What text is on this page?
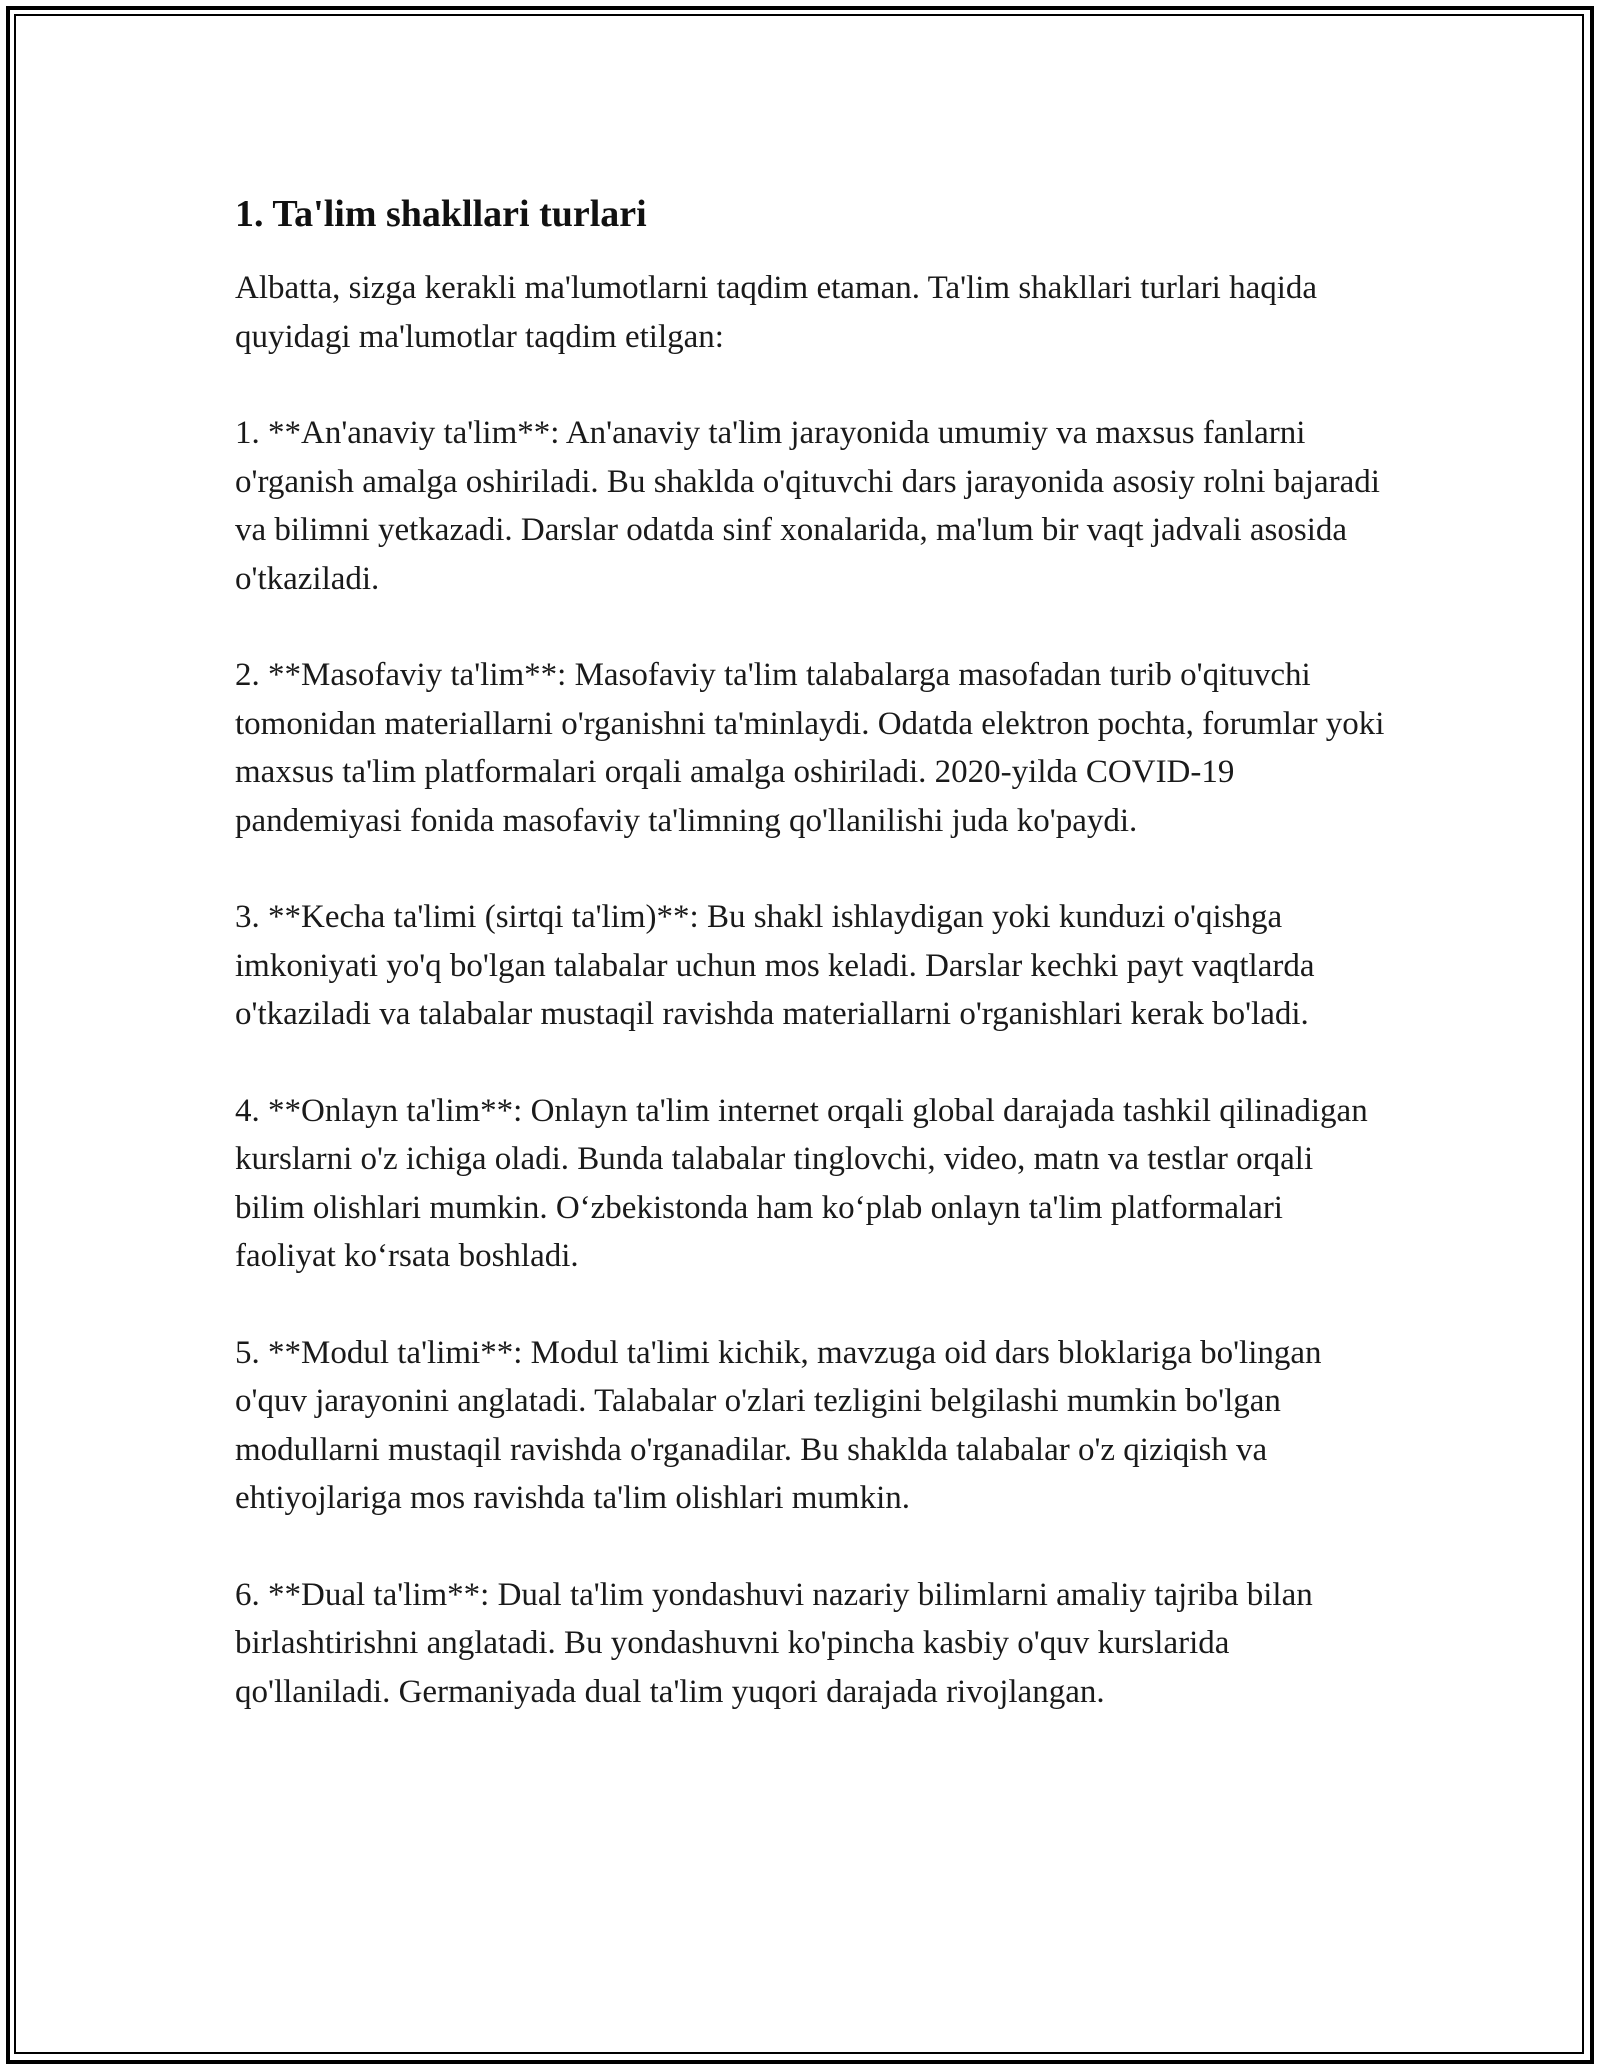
1. Ta'lim shakllari turlari

Albatta, sizga kerakli ma'lumotlarni taqdim etaman. Ta'lim shakllari turlari haqida quyidagi ma'lumotlar taqdim etilgan:

1. **An'anaviy ta'lim**: An'anaviy ta'lim jarayonida umumiy va maxsus fanlarni o'rganish amalga oshiriladi. Bu shaklda o'qituvchi dars jarayonida asosiy rolni bajaradi va bilimni yetkazadi. Darslar odatda sinf xonalarida, ma'lum bir vaqt jadvali asosida o'tkaziladi.

2. **Masofaviy ta'lim**: Masofaviy ta'lim talabalarga masofadan turib o'qituvchi tomonidan materiallarni o'rganishni ta'minlaydi. Odatda elektron pochta, forumlar yoki maxsus ta'lim platformalari orqali amalga oshiriladi. 2020-yilda COVID-19 pandemiyasi fonida masofaviy ta'limning qo'llanilishi juda ko'paydi.

3. **Kecha ta'limi (sirtqi ta'lim)**: Bu shakl ishlaydigan yoki kunduzi o'qishga imkoniyati yo'q bo'lgan talabalar uchun mos keladi. Darslar kechki payt vaqtlarda o'tkaziladi va talabalar mustaqil ravishda materiallarni o'rganishlari kerak bo'ladi.

4. **Onlayn ta'lim**: Onlayn ta'lim internet orqali global darajada tashkil qilinadigan kurslarni o'z ichiga oladi. Bunda talabalar tinglovchi, video, matn va testlar orqali bilim olishlari mumkin. O‘zbekistonda ham ko‘plab onlayn ta'lim platformalari faoliyat ko‘rsata boshladi.

5. **Modul ta'limi**: Modul ta'limi kichik, mavzuga oid dars bloklariga bo'lingan o'quv jarayonini anglatadi. Talabalar o'zlari tezligini belgilashi mumkin bo'lgan modullarni mustaqil ravishda o'rganadilar. Bu shaklda talabalar o'z qiziqish va ehtiyojlariga mos ravishda ta'lim olishlari mumkin.

6. **Dual ta'lim**: Dual ta'lim yondashuvi nazariy bilimlarni amaliy tajriba bilan birlashtirishni anglatadi. Bu yondashuvni ko'pincha kasbiy o'quv kurslarida qo'llaniladi. Germaniyada dual ta'lim yuqori darajada rivojlangan.
